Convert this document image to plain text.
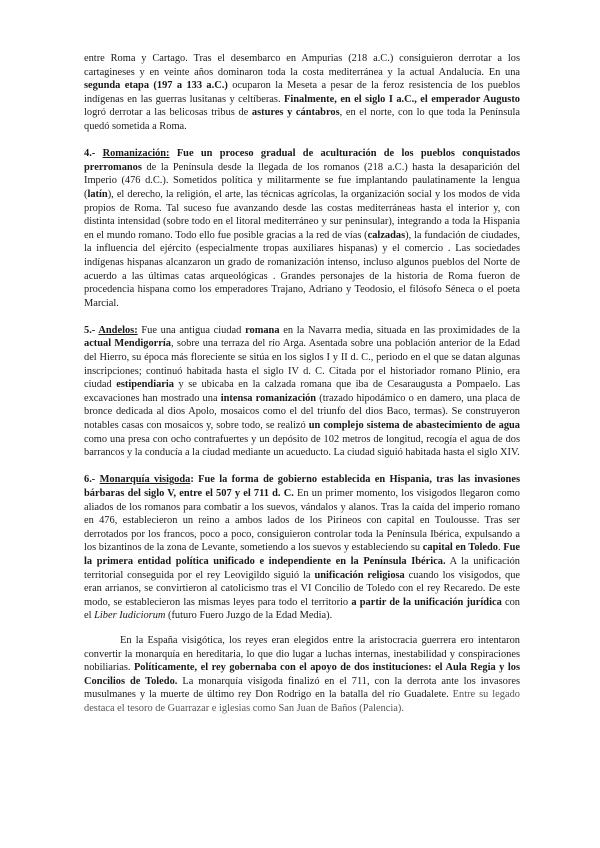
entre Roma y Cartago. Tras el desembarco en Ampurias (218 a.C.) consiguieron derrotar a los cartagineses y en veinte años dominaron toda la costa mediterránea y la actual Andalucía. En una segunda etapa (197 a 133 a.C.) ocuparon la Meseta a pesar de la feroz resistencia de los pueblos indígenas en las guerras lusitanas y celtíberas. Finalmente, en el siglo I a.C., el emperador Augusto logró derrotar a las belicosas tribus de astures y cántabros, en el norte, con lo que toda la Península quedó sometida a Roma.

4.- Romanización: Fue un proceso gradual de aculturación de los pueblos conquistados prerromanos de la Península desde la llegada de los romanos (218 a.C.) hasta la desaparición del Imperio (476 d.C.). Sometidos política y militarmente se fue implantando paulatinamente la lengua (latín), el derecho, la religión, el arte, las técnicas agrícolas, la organización social y los modos de vida propios de Roma. Tal suceso fue avanzando desde las costas mediterráneas hasta el interior y, con distinta intensidad (sobre todo en el litoral mediterráneo y sur peninsular), integrando a toda la Hispania en el mundo romano. Todo ello fue posible gracias a la red de vías (calzadas), la fundación de ciudades, la influencia del ejército (especialmente tropas auxiliares hispanas) y el comercio . Las sociedades indígenas hispanas alcanzaron un grado de romanización intenso, incluso algunos pueblos del Norte de acuerdo a las últimas catas arqueológicas . Grandes personajes de la historia de Roma fueron de procedencia hispana como los emperadores Trajano, Adriano y Teodosio, el filósofo Séneca o el poeta Marcial.

5.- Andelos: Fue una antigua ciudad romana en la Navarra media, situada en las proximidades de la actual Mendigorría, sobre una terraza del río Arga. Asentada sobre una población anterior de la Edad del Hierro, su época más floreciente se sitúa en los siglos I y II d. C., periodo en el que se datan algunas inscripciones; continuó habitada hasta el siglo IV d. C. Citada por el historiador romano Plinio, era ciudad estipendiaria y se ubicaba en la calzada romana que iba de Cesaraugusta a Pompaelo. Las excavaciones han mostrado una intensa romanización (trazado hipodámico o en damero, una placa de bronce dedicada al dios Apolo, mosaicos como el del triunfo del dios Baco, termas). Se construyeron notables casas con mosaicos y, sobre todo, se realizó un complejo sistema de abastecimiento de agua como una presa con ocho contrafuertes y un depósito de 102 metros de longitud, recogía el agua de dos barrancos y la conducía a la ciudad mediante un acueducto. La ciudad siguió habitada hasta el siglo XIV.

6.- Monarquía visigoda: Fue la forma de gobierno establecida en Hispania, tras las invasiones bárbaras del siglo V, entre el 507 y el 711 d. C. En un primer momento, los visigodos llegaron como aliados de los romanos para combatir a los suevos, vándalos y alanos. Tras la caída del imperio romano en 476, establecieron un reino a ambos lados de los Pirineos con capital en Toulousse. Tras ser derrotados por los francos, poco a poco, consiguieron controlar toda la Península Ibérica, expulsando a los bizantinos de la zona de Levante, sometiendo a los suevos y estableciendo su capital en Toledo. Fue la primera entidad política unificado e independiente en la Península Ibérica. A la unificación territorial conseguida por el rey Leovigildo siguió la unificación religiosa cuando los visigodos, que eran arrianos, se convirtieron al catolicismo tras el VI Concilio de Toledo con el rey Recaredo. De este modo, se establecieron las mismas leyes para todo el territorio a partir de la unificación jurídica con el Liber Iudiciorum (futuro Fuero Juzgo de la Edad Media).

En la España visigótica, los reyes eran elegidos entre la aristocracia guerrera ero intentaron convertir la monarquía en hereditaria, lo que dio lugar a luchas internas, inestabilidad y conspiraciones nobiliarias. Políticamente, el rey gobernaba con el apoyo de dos instituciones: el Aula Regia y los Concilios de Toledo. La monarquía visigoda finalizó en el 711, con la derrota ante los invasores musulmanes y la muerte de último rey Don Rodrigo en la batalla del río Guadalete. Entre su legado destaca el tesoro de Guarrazar e iglesias como San Juan de Baños (Palencia).
